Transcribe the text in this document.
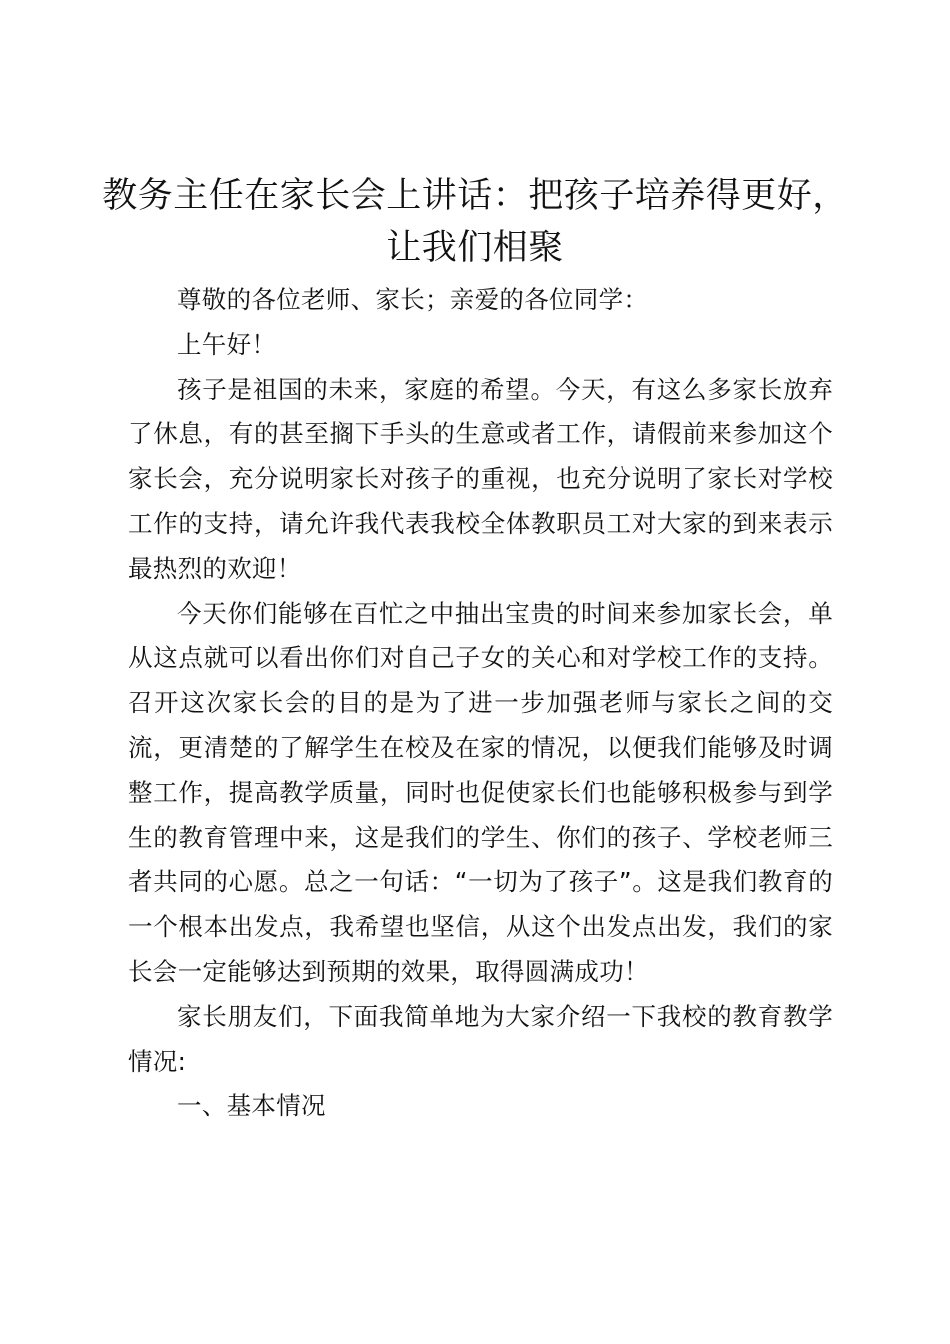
教务主任在家长会上讲话：把孩子培养得更好，让我们相聚

尊敬的各位老师、家长；亲爱的各位同学：

上午好！

孩子是祖国的未来，家庭的希望。今天，有这么多家长放弃了休息，有的甚至搁下手头的生意或者工作，请假前来参加这个家长会，充分说明家长对孩子的重视，也充分说明了家长对学校工作的支持，请允许我代表我校全体教职员工对大家的到来表示最热烈的欢迎！

今天你们能够在百忙之中抽出宝贵的时间来参加家长会，单从这点就可以看出你们对自己子女的关心和对学校工作的支持。召开这次家长会的目的是为了进一步加强老师与家长之间的交流，更清楚的了解学生在校及在家的情况，以便我们能够及时调整工作，提高教学质量，同时也促使家长们也能够积极参与到学生的教育管理中来，这是我们的学生、你们的孩子、学校老师三者共同的心愿。总之一句话：“一切为了孩子”。这是我们教育的一个根本出发点，我希望也坚信，从这个出发点出发，我们的家长会一定能够达到预期的效果，取得圆满成功！

家长朋友们，下面我简单地为大家介绍一下我校的教育教学情况:

一、基本情况
